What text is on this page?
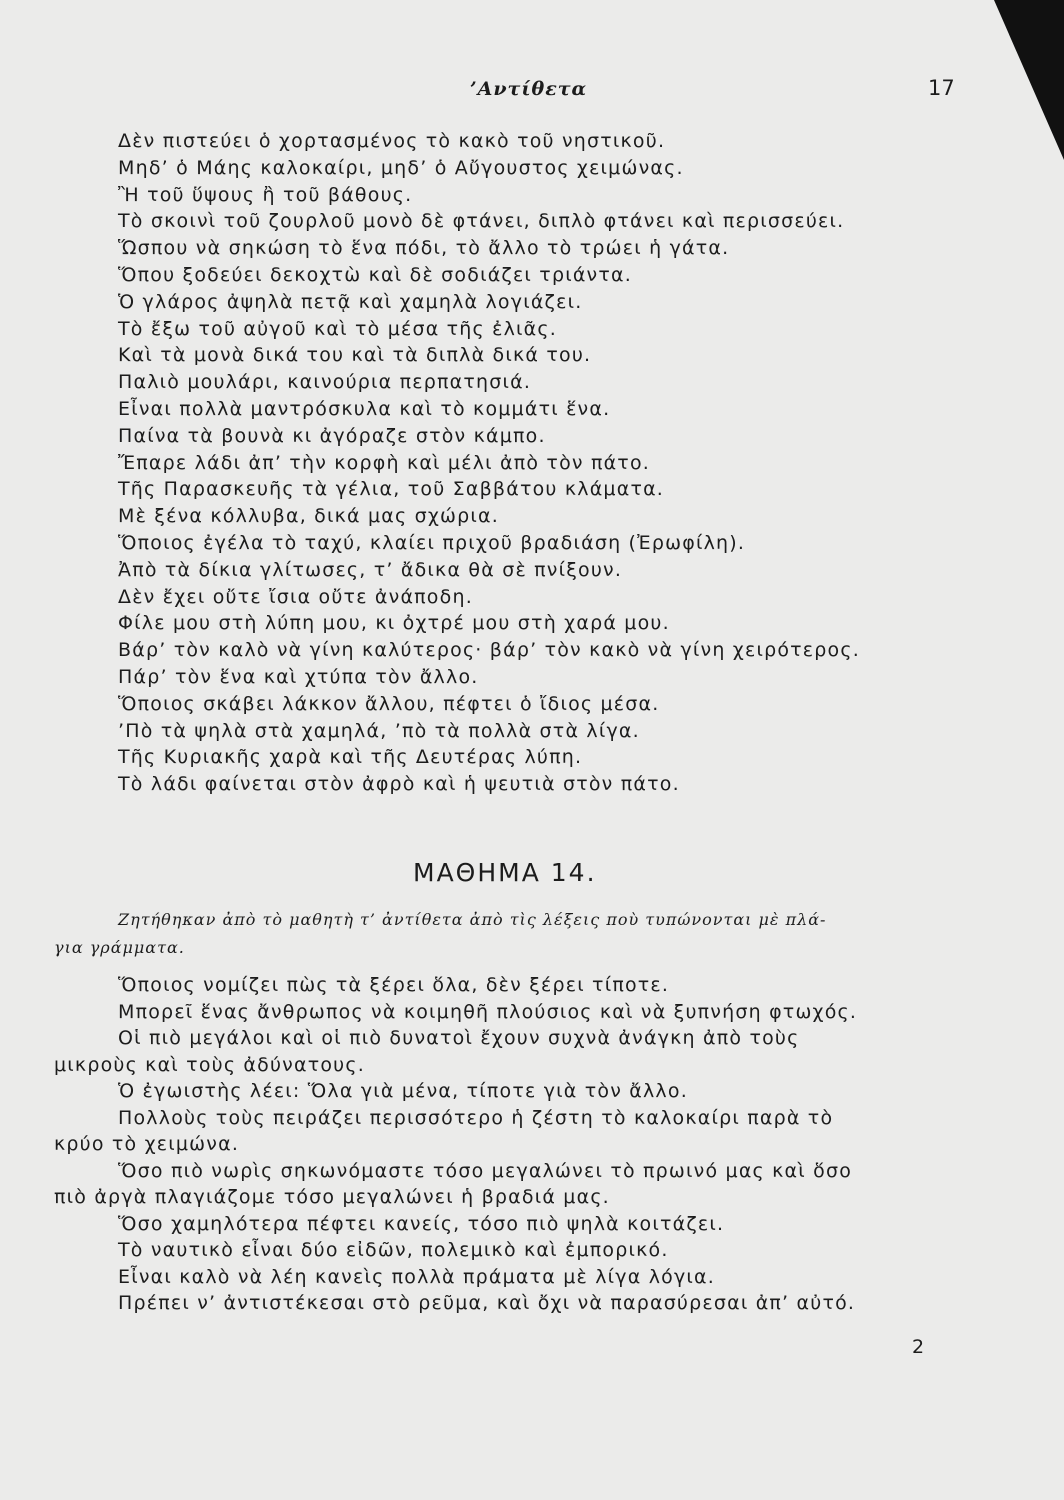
’Αντίθετα	17
Δὲν πιστεύει ὁ χορτασμένος τὸ κακὸ τοῦ νηστικοῦ.
Μηδ’ ὁ Μάης καλοκαίρι, μηδ’ ὁ Αὔγουστος χειμώνας.
Ἢ τοῦ ὕψους ἢ τοῦ βάθους.
Τὸ σκοινὶ τοῦ ζουρλοῦ μονὸ δὲ φτάνει, διπλὸ φτάνει καὶ περισσεύει.
Ὥσπου νὰ σηκώση τὸ ἕνα πόδι, τὸ ἄλλο τὸ τρώει ἡ γάτα.
Ὅπου ξοδεύει δεκοχτὼ καὶ δὲ σοδιάζει τριάντα.
Ὁ γλάρος ἀψηλὰ πετᾷ καὶ χαμηλὰ λογιάζει.
Τὸ ἔξω τοῦ αὐγοῦ καὶ τὸ μέσα τῆς ἐλιᾶς.
Καὶ τὰ μονὰ δικά του καὶ τὰ διπλὰ δικά του.
Παλιὸ μουλάρι, καινούρια περπατησιά.
Εἶναι πολλὰ μαντρόσκυλα καὶ τὸ κομμάτι ἕνα.
Παίνα τὰ βουνὰ κι ἀγόραζε στὸν κάμπο.
Ἔπαρε λάδι ἀπ’ τὴν κορφὴ καὶ μέλι ἀπὸ τὸν πάτο.
Τῆς Παρασκευῆς τὰ γέλια, τοῦ Σαββάτου κλάματα.
Μὲ ξένα κόλλυβα, δικά μας σχώρια.
Ὅποιος ἐγέλα τὸ ταχύ, κλαίει πριχοῦ βραδιάση (Ἐρωφίλη).
Ἀπὸ τὰ δίκια γλίτωσες, τ’ ἄδικα θὰ σὲ πνίξουν.
Δὲν ἔχει οὔτε ἴσια οὔτε ἀνάποδη.
Φίλε μου στὴ λύπη μου, κι ὀχτρέ μου στὴ χαρά μου.
Βάρ’ τὸν καλὸ νὰ γίνη καλύτερος· βάρ’ τὸν κακὸ νὰ γίνη χειρότερος.
Πάρ’ τὸν ἕνα καὶ χτύπα τὸν ἄλλο.
Ὅποιος σκάβει λάκκον ἄλλου, πέφτει ὁ ἴδιος μέσα.
’Πὸ τὰ ψηλὰ στὰ χαμηλά, ’πὸ τὰ πολλὰ στὰ λίγα.
Τῆς Κυριακῆς χαρὰ καὶ τῆς Δευτέρας λύπη.
Τὸ λάδι φαίνεται στὸν ἀφρὸ καὶ ἡ ψευτιὰ στὸν πάτο.
ΜΑΘΗΜΑ 14.
Ζητήθηκαν ἀπὸ τὸ μαθητὴ τ’ ἀντίθετα ἀπὸ τὶς λέξεις ποὺ τυπώνονται μὲ πλά-
για γράμματα.
Ὅποιος νομίζει πὼς τὰ ξέρει ὅλα, δὲν ξέρει τίποτε.
Μπορεῖ ἕνας ἄνθρωπος νὰ κοιμηθῆ πλούσιος καὶ νὰ ξυπνήση φτωχός.
Οἱ πιὸ μεγάλοι καὶ οἱ πιὸ δυνατοὶ ἔχουν συχνὰ ἀνάγκη ἀπὸ τοὺς
μικροὺς καὶ τοὺς ἀδύνατους.
Ὁ ἐγωιστὴς λέει: Ὅλα γιὰ μένα, τίποτε γιὰ τὸν ἄλλο.
Πολλοὺς τοὺς πειράζει περισσότερο ἡ ζέστη τὸ καλοκαίρι παρὰ τὸ
κρύο τὸ χειμώνα.
Ὅσο πιὸ νωρὶς σηκωνόμαστε τόσο μεγαλώνει τὸ πρωινό μας καὶ ὅσο
πιὸ ἀργὰ πλαγιάζομε τόσο μεγαλώνει ἡ βραδιά μας.
Ὅσο χαμηλότερα πέφτει κανείς, τόσο πιὸ ψηλὰ κοιτάζει.
Τὸ ναυτικὸ εἶναι δύο εἰδῶν, πολεμικὸ καὶ ἐμπορικό.
Εἶναι καλὸ νὰ λέη κανεὶς πολλὰ πράματα μὲ λίγα λόγια.
Πρέπει ν’ ἀντιστέκεσαι στὸ ρεῦμα, καὶ ὄχι νὰ παρασύρεσαι ἀπ’ αὐτό.
2
